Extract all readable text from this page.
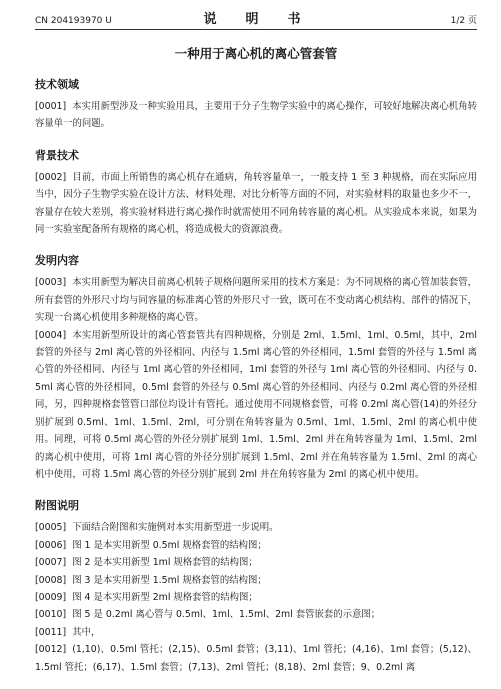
CN 204193970 U	说　明　书	1/2 页
一种用于离心机的离心管套管
技术领域

[0001] 本实用新型涉及一种实验用具，主要用于分子生物学实验中的离心操作，可较好地解决离心机角转容量单一的问题。

背景技术

[0002] 目前，市面上所销售的离心机存在通病，角转容量单一，一般支持 1 至 3 种规格，而在实际应用当中，因分子生物学实验在设计方法、材料处理、对比分析等方面的不同，对实验材料的取量也多少不一，容量存在较大差别，将实验材料进行离心操作时就需使用不同角转容量的离心机。从实验成本来说，如果为同一实验室配备所有规格的离心机，将造成极大的资源浪费。

发明内容

[0003] 本实用新型为解决目前离心机转子规格问题所采用的技术方案是：为不同规格的离心管加装套管，所有套管的外形尺寸均与同容量的标准离心管的外形尺寸一致，既可在不变动离心机结构、部件的情况下，实现一台离心机使用多种规格的离心管。

[0004] 本实用新型所设计的离心管套管共有四种规格，分别是 2ml、1.5ml、1ml、0.5ml，其中，2ml 套管的外径与 2ml 离心管的外径相同、内径与 1.5ml 离心管的外径相同，1.5ml 套管的外径与 1.5ml 离心管的外径相同、内径与 1ml 离心管的外径相同，1ml 套管的外径与 1ml 离心管的外径相同、内径与 0.5ml 离心管的外径相同，0.5ml 套管的外径与 0.5ml 离心管的外径相同、内径与 0.2ml 离心管的外径相同，另，四种规格套管管口部位均设计有管托。通过使用不同规格套管，可将 0.2ml 离心管(14)的外径分别扩展到 0.5ml、1ml、1.5ml、2ml，可分别在角转容量为 0.5ml、1ml、1.5ml、2ml 的离心机中使用。同理，可将 0.5ml 离心管的外径分别扩展到 1ml、1.5ml、2ml 并在角转容量为 1ml、1.5ml、2ml 的离心机中使用，可将 1ml 离心管的外径分别扩展到 1.5ml、2ml 并在角转容量为 1.5ml、2ml 的离心机中使用，可将 1.5ml 离心管的外径分别扩展到 2ml 并在角转容量为 2ml 的离心机中使用。

附图说明

[0005] 下面结合附图和实施例对本实用新型进一步说明。

[0006] 图 1 是本实用新型 0.5ml 规格套管的结构图；

[0007] 图 2 是本实用新型 1ml 规格套管的结构图；

[0008] 图 3 是本实用新型 1.5ml 规格套管的结构图；

[0009] 图 4 是本实用新型 2ml 规格套管的结构图；

[0010] 图 5 是 0.2ml 离心管与 0.5ml、1ml、1.5ml、2ml 套管嵌套的示意图；

[0011] 其中，

[0012] (1,10)、0.5ml 管托；(2,15)、0.5ml 套管；(3,11)、1ml 管托；(4,16)、1ml 套管；(5,12)、1.5ml 管托；(6,17)、1.5ml 套管；(7,13)、2ml 管托；(8,18)、2ml 套管；9、0.2ml 离
